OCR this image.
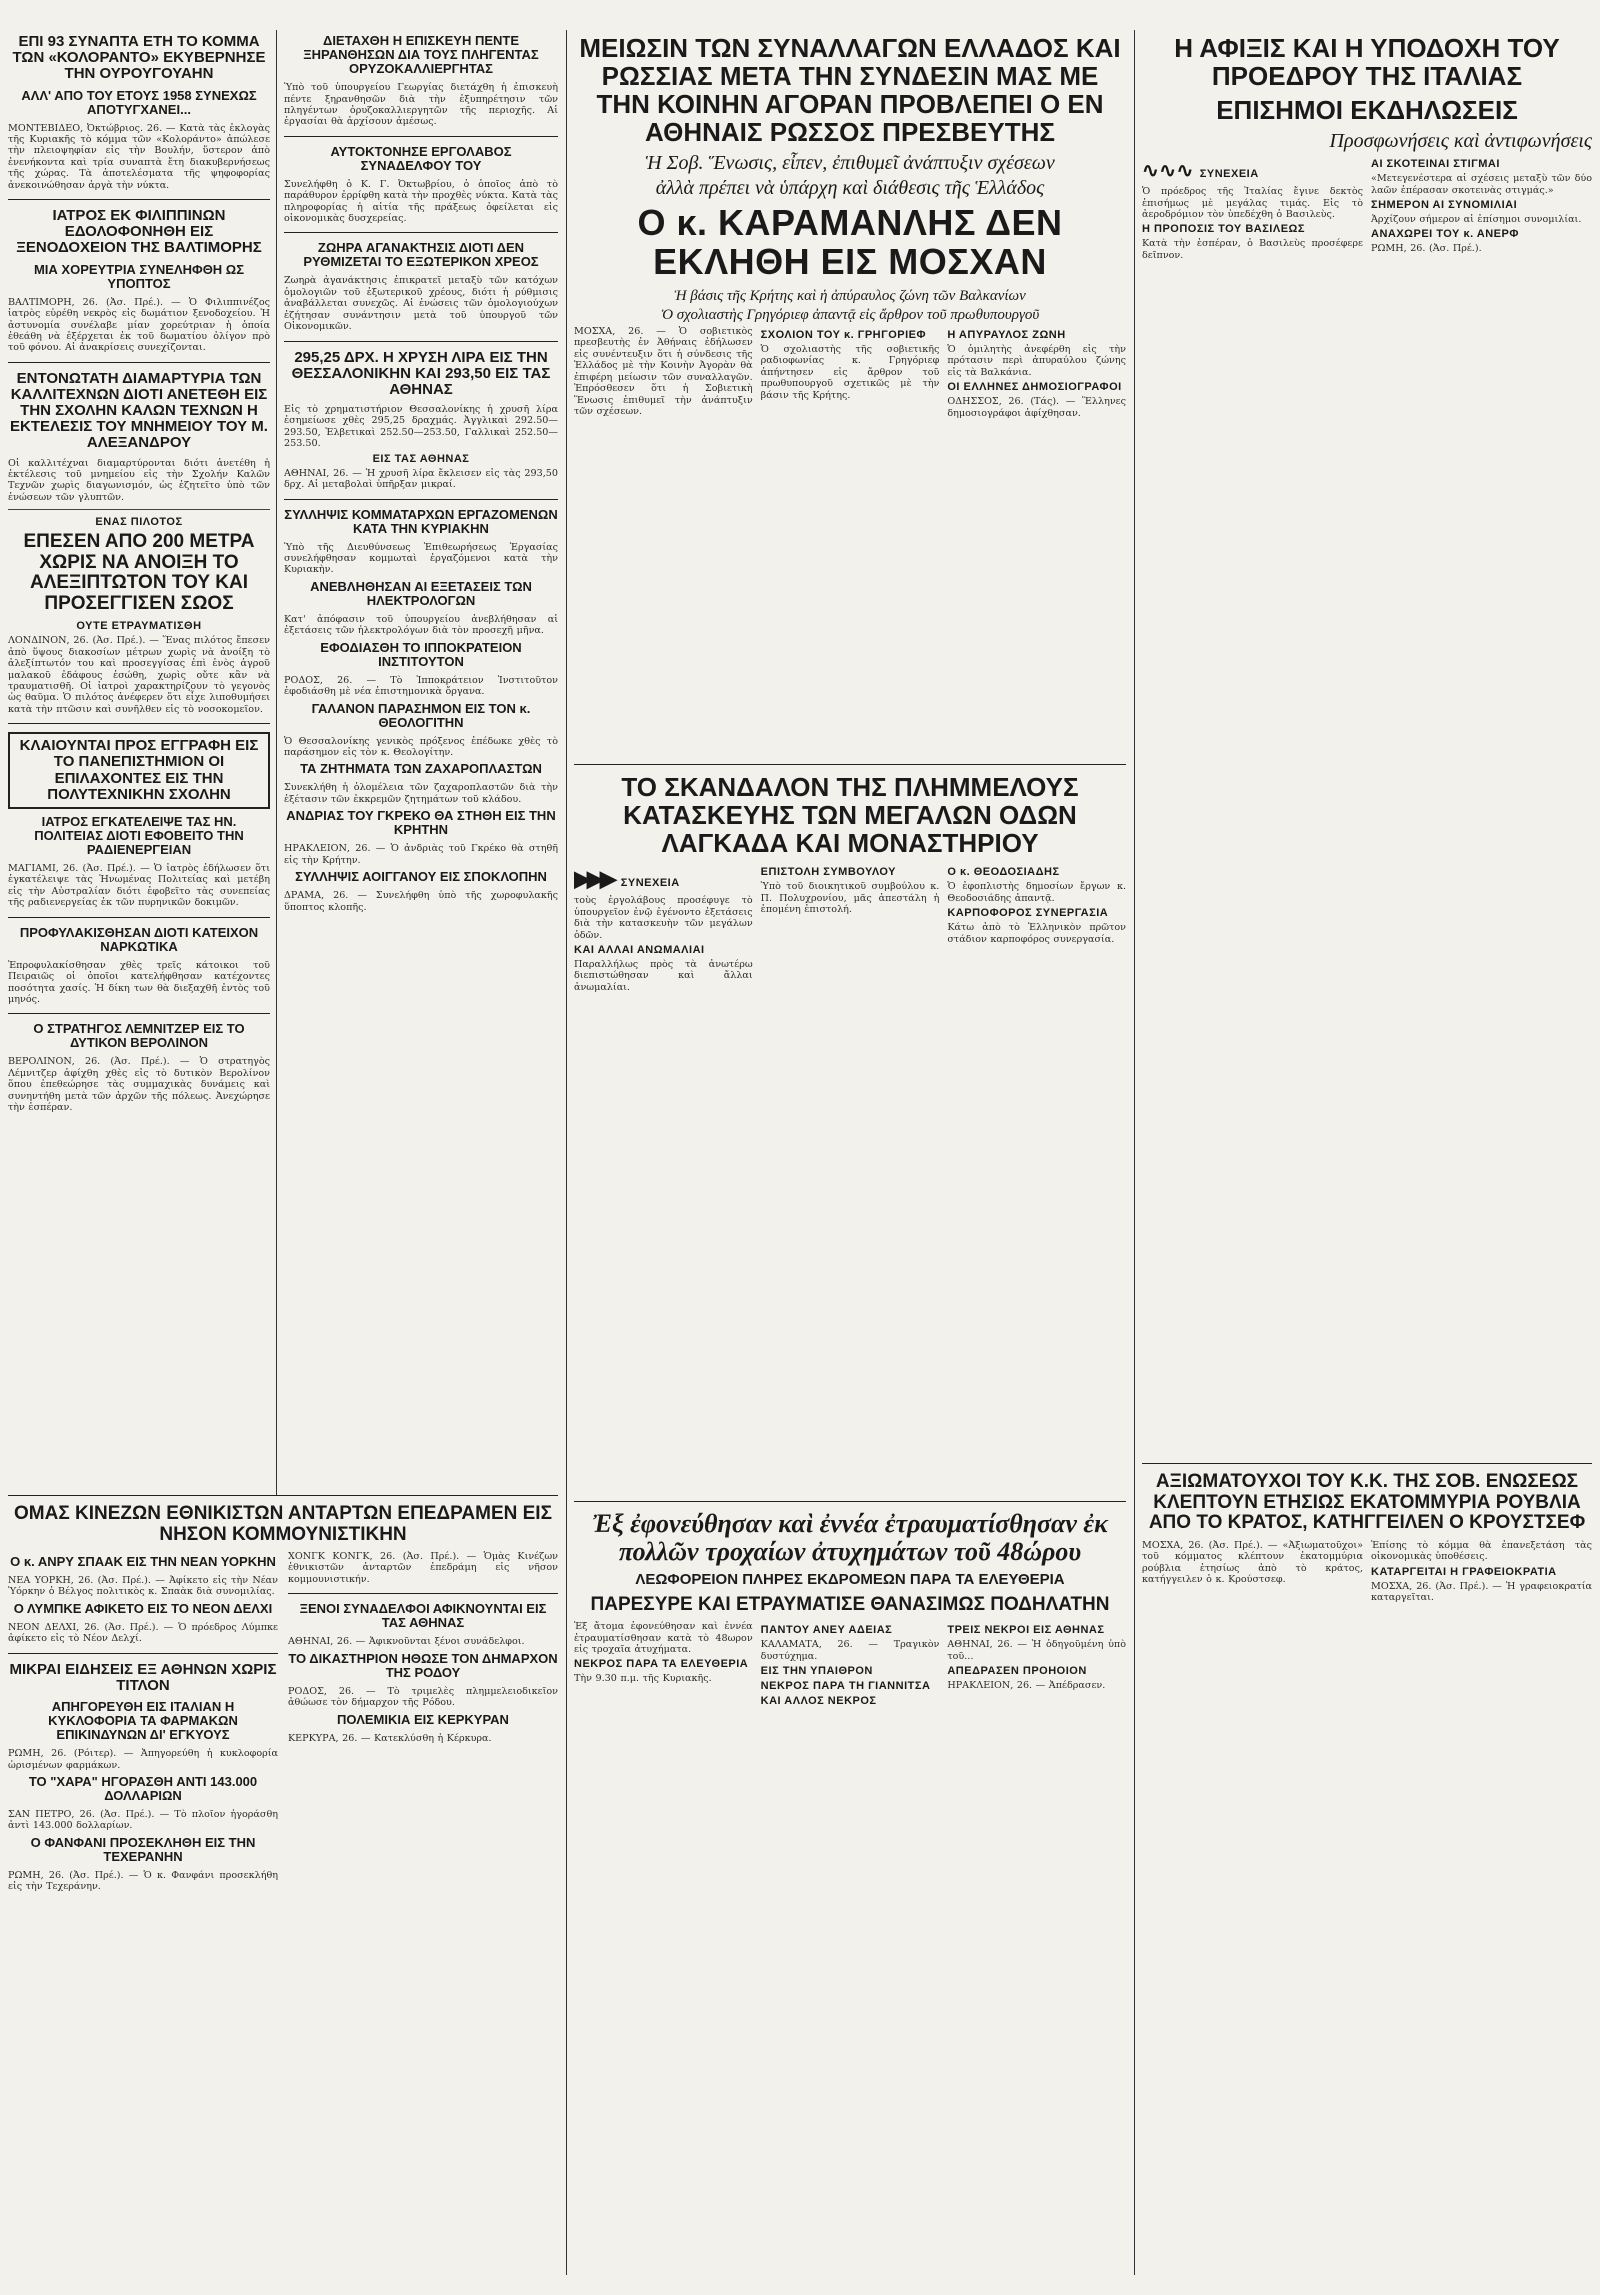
ΕΠΙ 93 ΣΥΝΑΠΤΑ ΕΤΗ ΤΟ ΚΟΜΜΑ ΤΩΝ «ΚΟΛΟΡΑΝΤΟ» ΕΚΥΒΕΡΝΗΣΕ ΤΗΝ ΟΥΡΟΥΓΟΥΑΗΝ
ΑΛΛ' ΑΠΟ ΤΟΥ ΕΤΟΥΣ 1958 ΣΥΝΕΧΩΣ ΑΠΟΤΥΓΧΑΝΕΙ...

ΜΟΝΤΕΒΙΔΕΟ, Ὀκτώβριος. 26. — Κατὰ τὰς ἐκλογὰς τῆς Κυριακῆς τὸ κόμμα τῶν «Κολοράντο» ἀπώλεσε τὴν πλειοψηφίαν εἰς τὴν Βουλήν, ὕστερον ἀπὸ ἐνενήκοντα καὶ τρία συναπτὰ ἔτη διακυβερνήσεως τῆς χώρας. Τὰ ἀποτελέσματα τῆς ψηφοφορίας ἀνεκοινώθησαν ἀργὰ τὴν νύκτα.

ΙΑΤΡΟΣ ΕΚ ΦΙΛΙΠΠΙΝΩΝ ΕΔΟΛΟΦΟΝΗΘΗ ΕΙΣ ΞΕΝΟΔΟΧΕΙΟΝ ΤΗΣ ΒΑΛΤΙΜΟΡΗΣ
ΜΙΑ ΧΟΡΕΥΤΡΙΑ ΣΥΝΕΛΗΦΘΗ ΩΣ ΥΠΟΠΤΟΣ

ΒΑΛΤΙΜΟΡΗ, 26. (Ἀσ. Πρέ.). — Ὁ Φιλιππινέζος ἰατρὸς εὑρέθη νεκρὸς εἰς δωμάτιον ξενοδοχείου. Ἡ ἀστυνομία συνέλαβε μίαν χορεύτριαν ἡ ὁποία ἐθεάθη νὰ ἐξέρχεται ἐκ τοῦ δωματίου ὀλίγον πρὸ τοῦ φόνου. Αἱ ἀνακρίσεις συνεχίζονται.

ΕΝΤΟΝΩΤΑΤΗ ΔΙΑΜΑΡΤΥΡΙΑ ΤΩΝ ΚΑΛΛΙΤΕΧΝΩΝ ΔΙΟΤΙ ΑΝΕΤΕΘΗ ΕΙΣ ΤΗΝ ΣΧΟΛΗΝ ΚΑΛΩΝ ΤΕΧΝΩΝ Η ΕΚΤΕΛΕΣΙΣ ΤΟΥ ΜΝΗΜΕΙΟΥ ΤΟΥ Μ. ΑΛΕΞΑΝΔΡΟΥ

Οἱ καλλιτέχναι διαμαρτύρονται διότι ἀνετέθη ἡ ἐκτέλεσις τοῦ μνημείου εἰς τὴν Σχολήν Καλῶν Τεχνῶν χωρὶς διαγωνισμόν, ὡς ἐζητεῖτο ὑπὸ τῶν ἐνώσεων τῶν γλυπτῶν.

ΕΝΑΣ ΠΙΛΟΤΟΣ
ΕΠΕΣΕΝ ΑΠΟ 200 ΜΕΤΡΑ ΧΩΡΙΣ ΝΑ ΑΝΟΙΞΗ ΤΟ ΑΛΕΞΙΠΤΩΤΟΝ ΤΟΥ ΚΑΙ ΠΡΟΣΕΓΓΙΣΕΝ ΣΩΟΣ
ΟΥΤΕ ΕΤΡΑΥΜΑΤΙΣΘΗ

ΛΟΝΔΙΝΟΝ, 26. (Ἀσ. Πρέ.). — Ἕνας πιλότος ἔπεσεν ἀπὸ ὕψους διακοσίων μέτρων χωρὶς νὰ ἀνοίξη τὸ ἀλεξίπτωτόν του καὶ προσεγγίσας ἐπὶ ἑνὸς ἀγροῦ μαλακοῦ ἐδάφους ἐσώθη, χωρὶς οὔτε κἂν νὰ τραυματισθῆ. Οἱ ἰατροὶ χαρακτηρίζουν τὸ γεγονὸς ὡς θαῦμα. Ὁ πιλότος ἀνέφερεν ὅτι εἶχε λιποθυμήσει κατὰ τὴν πτῶσιν καὶ συνῆλθεν εἰς τὸ νοσοκομεῖον.

ΚΛΑΙΟΥΝΤΑΙ ΠΡΟΣ ΕΓΓΡΑΦΗ ΕΙΣ ΤΟ ΠΑΝΕΠΙΣΤΗΜΙΟΝ ΟΙ ΕΠΙΛΑΧΟΝΤΕΣ ΕΙΣ ΤΗΝ ΠΟΛΥΤΕΧΝΙΚΗΝ ΣΧΟΛΗΝ
ΙΑΤΡΟΣ ΕΓΚΑΤΕΛΕΙΨΕ ΤΑΣ ΗΝ. ΠΟΛΙΤΕΙΑΣ ΔΙΟΤΙ ΕΦΟΒΕΙΤΟ ΤΗΝ ΡΑΔΙΕΝΕΡΓΕΙΑΝ

ΜΑΓΙΑΜΙ, 26. (Ἀσ. Πρέ.). — Ὁ ἰατρὸς ἐδήλωσεν ὅτι ἐγκατέλειψε τὰς Ἡνωμένας Πολιτείας καὶ μετέβη εἰς τὴν Αὐστραλίαν διότι ἐφοβεῖτο τὰς συνεπείας τῆς ραδιενεργείας ἐκ τῶν πυρηνικῶν δοκιμῶν.

ΠΡΟΦΥΛΑΚΙΣΘΗΣΑΝ ΔΙΟΤΙ ΚΑΤΕΙΧΟΝ ΝΑΡΚΩΤΙΚΑ

Ἐπροφυλακίσθησαν χθὲς τρεῖς κάτοικοι τοῦ Πειραιῶς οἱ ὁποῖοι κατελήφθησαν κατέχοντες ποσότητα χασίς. Ἡ δίκη των θὰ διεξαχθῆ ἐντὸς τοῦ μηνός.

Ο ΣΤΡΑΤΗΓΟΣ ΛΕΜΝΙΤΖΕΡ ΕΙΣ ΤΟ ΔΥΤΙΚΟΝ ΒΕΡΟΛΙΝΟΝ

ΒΕΡΟΛΙΝΟΝ, 26. (Ἀσ. Πρέ.). — Ὁ στρατηγὸς Λέμνιτζερ ἀφίχθη χθὲς εἰς τὸ δυτικὸν Βερολίνον ὅπου ἐπεθεώρησε τὰς συμμαχικὰς δυνάμεις καὶ συνηντήθη μετὰ τῶν ἀρχῶν τῆς πόλεως. Ἀνεχώρησε τὴν ἑσπέραν.

ΔΙΕΤΑΧΘΗ Η ΕΠΙΣΚΕΥΗ ΠΕΝΤΕ ΞΗΡΑΝΘΗΣΩΝ ΔΙΑ ΤΟΥΣ ΠΛΗΓΕΝΤΑΣ ΟΡΥΖΟΚΑΛΛΙΕΡΓΗΤΑΣ

Ὑπὸ τοῦ ὑπουργείου Γεωργίας διετάχθη ἡ ἐπισκευὴ πέντε ξηρανθησῶν διὰ τὴν ἐξυπηρέτησιν τῶν πληγέντων ὀρυζοκαλλιεργητῶν τῆς περιοχῆς. Αἱ ἐργασίαι θὰ ἀρχίσουν ἀμέσως.

ΑΥΤΟΚΤΟΝΗΣΕ ΕΡΓΟΛΑΒΟΣ ΣΥΝΑΔΕΛΦΟΥ ΤΟΥ

Συνελήφθη ὁ Κ. Γ. Ὀκτωβρίου, ὁ ὁποῖος ἀπὸ τὸ παράθυρον ἐρρίφθη κατὰ τὴν προχθὲς νύκτα. Κατὰ τὰς πληροφορίας ἡ αἰτία τῆς πράξεως ὀφείλεται εἰς οἰκονομικὰς δυσχερείας.

ΖΩΗΡΑ ΑΓΑΝΑΚΤΗΣΙΣ ΔΙΟΤΙ ΔΕΝ ΡΥΘΜΙΖΕΤΑΙ ΤΟ ΕΞΩΤΕΡΙΚΟΝ ΧΡΕΟΣ

Ζωηρὰ ἀγανάκτησις ἐπικρατεῖ μεταξὺ τῶν κατόχων ὁμολογιῶν τοῦ ἐξωτερικοῦ χρέους, διότι ἡ ρύθμισις ἀναβάλλεται συνεχῶς. Αἱ ἐνώσεις τῶν ὁμολογιούχων ἐζήτησαν συνάντησιν μετὰ τοῦ ὑπουργοῦ τῶν Οἰκονομικῶν.

295,25 ΔΡΧ. Η ΧΡΥΣΗ ΛΙΡΑ ΕΙΣ ΤΗΝ ΘΕΣΣΑΛΟΝΙΚΗΝ ΚΑΙ 293,50 ΕΙΣ ΤΑΣ ΑΘΗΝΑΣ

Εἰς τὸ χρηματιστήριον Θεσσαλονίκης ἡ χρυσῆ λίρα ἐσημείωσε χθὲς 295,25 δραχμάς. Ἀγγλικαὶ 292.50—293.50, Ἑλβετικαὶ 252.50—253.50, Γαλλικαὶ 252.50—253.50.

ΕΙΣ ΤΑΣ ΑΘΗΝΑΣ

ΑΘΗΝΑΙ, 26. — Ἡ χρυσῆ λίρα ἔκλεισεν εἰς τὰς 293,50 δρχ. Αἱ μεταβολαὶ ὑπῆρξαν μικραί.

ΣΥΛΛΗΨΙΣ ΚΟΜΜΑΤΑΡΧΩΝ ΕΡΓΑΖΟΜΕΝΩΝ ΚΑΤΑ ΤΗΝ ΚΥΡΙΑΚΗΝ

Ὑπὸ τῆς Διευθύνσεως Ἐπιθεωρήσεως Ἐργασίας συνελήφθησαν κομμωταὶ ἐργαζόμενοι κατὰ τὴν Κυριακὴν.

ΑΝΕΒΛΗΘΗΣΑΝ ΑΙ ΕΞΕΤΑΣΕΙΣ ΤΩΝ ΗΛΕΚΤΡΟΛΟΓΩΝ

Κατ' ἀπόφασιν τοῦ ὑπουργείου ἀνεβλήθησαν αἱ ἐξετάσεις τῶν ἠλεκτρολόγων διὰ τὸν προσεχῆ μῆνα.

ΕΦΟΔΙΑΣΘΗ ΤΟ ΙΠΠΟΚΡΑΤΕΙΟΝ ΙΝΣΤΙΤΟΥΤΟΝ

ΡΟΔΟΣ, 26. — Τὸ Ἱπποκράτειον Ἰνστιτοῦτον ἐφοδιάσθη μὲ νέα ἐπιστημονικὰ ὄργανα.

ΓΑΛΑΝΟΝ ΠΑΡΑΣΗΜΟΝ ΕΙΣ ΤΟΝ κ. ΘΕΟΛΟΓΙΤΗΝ

Ὁ Θεσσαλονίκης γενικὸς πρόξενος ἐπέδωκε χθὲς τὸ παράσημον εἰς τὸν κ. Θεολογίτην.

ΤΑ ΖΗΤΗΜΑΤΑ ΤΩΝ ΖΑΧΑΡΟΠΛΑΣΤΩΝ

Συνεκλήθη ἡ ὁλομέλεια τῶν ζαχαροπλαστῶν διὰ τὴν ἐξέτασιν τῶν ἐκκρεμῶν ζητημάτων τοῦ κλάδου.

ΑΝΔΡΙΑΣ ΤΟΥ ΓΚΡΕΚΟ ΘΑ ΣΤΗΘΗ ΕΙΣ ΤΗΝ ΚΡΗΤΗΝ

ΗΡΑΚΛΕΙΟΝ, 26. — Ὁ ἀνδριὰς τοῦ Γκρέκο θὰ στηθῆ εἰς τὴν Κρήτην.

ΣΥΛΛΗΨΙΣ ΑΟΙΓΓΑΝΟΥ ΕΙΣ ΣΠΟΚΛΟΠΗΝ

ΔΡΑΜΑ, 26. — Συνελήφθη ὑπὸ τῆς χωροφυλακῆς ὕποπτος κλοπῆς.

ΟΜΑΣ ΚΙΝΕΖΩΝ ΕΘΝΙΚΙΣΤΩΝ ΑΝΤΑΡΤΩΝ ΕΠΕΔΡΑΜΕΝ ΕΙΣ ΝΗΣΟΝ ΚΟΜΜΟΥΝΙΣΤΙΚΗΝ
Ο κ. ΑΝΡΥ ΣΠΑΑΚ ΕΙΣ ΤΗΝ ΝΕΑΝ ΥΟΡΚΗΝ

ΝΕΑ ΥΟΡΚΗ, 26. (Ἀσ. Πρέ.). — Ἀφίκετο εἰς τὴν Νέαν Ὑόρκην ὁ Βέλγος πολιτικὸς κ. Σπαὰκ διὰ συνομιλίας.

Ο ΛΥΜΠΚΕ ΑΦΙΚΕΤΟ ΕΙΣ ΤΟ ΝΕΟΝ ΔΕΛΧΙ

ΝΕΟΝ ΔΕΛΧΙ, 26. (Ἀσ. Πρέ.). — Ὁ πρόεδρος Λύμπκε ἀφίκετο εἰς τὸ Νέον Δελχί.

ΜΙΚΡΑΙ ΕΙΔΗΣΕΙΣ ΕΞ ΑΘΗΝΩΝ ΧΩΡΙΣ ΤΙΤΛΟΝ
ΑΠΗΓΟΡΕΥΘΗ ΕΙΣ ΙΤΑΛΙΑΝ Η ΚΥΚΛΟΦΟΡΙΑ ΤΑ ΦΑΡΜΑΚΩΝ ΕΠΙΚΙΝΔΥΝΩΝ ΔΙ' ΕΓΚΥΟΥΣ

ΡΩΜΗ, 26. (Ρόιτερ). — Ἀπηγορεύθη ἡ κυκλοφορία ὡρισμένων φαρμάκων.

ΤΟ "ΧΑΡΑ" ΗΓΟΡΑΣΘΗ ΑΝΤΙ 143.000 ΔΟΛΛΑΡΙΩΝ

ΣΑΝ ΠΕΤΡΟ, 26. (Ἀσ. Πρέ.). — Τὸ πλοῖον ἠγοράσθη ἀντὶ 143.000 δολλαρίων.

Ο ΦΑΝΦΑΝΙ ΠΡΟΣΕΚΛΗΘΗ ΕΙΣ ΤΗΝ ΤΕΧΕΡΑΝΗΝ

ΡΩΜΗ, 26. (Ἀσ. Πρέ.). — Ὁ κ. Φανφάνι προσεκλήθη εἰς τὴν Τεχεράνην.

ΧΟΝΓΚ ΚΟΝΓΚ, 26. (Ἀσ. Πρέ.). — Ὁμὰς Κινέζων ἐθνικιστῶν ἀνταρτῶν ἐπεδράμη εἰς νῆσον κομμουνιστικήν.

ΞΕΝΟΙ ΣΥΝΑΔΕΛΦΟΙ ΑΦΙΚΝΟΥΝΤΑΙ ΕΙΣ ΤΑΣ ΑΘΗΝΑΣ

ΑΘΗΝΑΙ, 26. — Ἀφικνοῦνται ξένοι συνάδελφοι.

ΤΟ ΔΙΚΑΣΤΗΡΙΟΝ ΗΘΩΣΕ ΤΟΝ ΔΗΜΑΡΧΟΝ ΤΗΣ ΡΟΔΟΥ

ΡΟΔΟΣ, 26. — Τὸ τριμελὲς πλημμελειοδικεῖον ἀθώωσε τὸν δήμαρχον τῆς Ρόδου.

ΠΟΛΕΜΙΚΙΑ ΕΙΣ ΚΕΡΚΥΡΑΝ

ΚΕΡΚΥΡΑ, 26. — Κατεκλύσθη ἡ Κέρκυρα.

ΜΕΙΩΣΙΝ ΤΩΝ ΣΥΝΑΛΛΑΓΩΝ ΕΛΛΑΔΟΣ ΚΑΙ ΡΩΣΣΙΑΣ ΜΕΤΑ ΤΗΝ ΣΥΝΔΕΣΙΝ ΜΑΣ ΜΕ ΤΗΝ ΚΟΙΝΗΝ ΑΓΟΡΑΝ ΠΡΟΒΛΕΠΕΙ Ο ΕΝ ΑΘΗΝΑΙΣ ΡΩΣΣΟΣ ΠΡΕΣΒΕΥΤΗΣ
Ἡ Σοβ. Ἕνωσις, εἶπεν, ἐπιθυμεῖ ἀνάπτυξιν σχέσεων
ἀλλὰ πρέπει νὰ ὑπάρχη καὶ διάθεσις τῆς Ἑλλάδος
Ο κ. ΚΑΡΑΜΑΝΛΗΣ ΔΕΝ ΕΚΛΗΘΗ ΕΙΣ ΜΟΣΧΑΝ
Ἡ βάσις τῆς Κρήτης καὶ ἡ ἀπύραυλος ζώνη τῶν Βαλκανίων
Ὁ σχολιαστὴς Γρηγόριεφ ἀπαντᾷ εἰς ἄρθρον τοῦ πρωθυπουργοῦ

ΜΟΣΧΑ, 26. — Ὁ σοβιετικὸς πρεσβευτὴς ἐν Ἀθήναις ἐδήλωσεν εἰς συνέντευξιν ὅτι ἡ σύνδεσις τῆς Ἑλλάδος μὲ τὴν Κοινὴν Ἀγορὰν θὰ ἐπιφέρη μείωσιν τῶν συναλλαγῶν. Ἐπρόσθεσεν ὅτι ἡ Σοβιετικὴ Ἕνωσις ἐπιθυμεῖ τὴν ἀνάπτυξιν τῶν σχέσεων.

ΣΧΟΛΙΟΝ ΤΟΥ κ. ΓΡΗΓΟΡΙΕΦ

Ὁ σχολιαστὴς τῆς σοβιετικῆς ραδιοφωνίας κ. Γρηγόριεφ ἀπήντησεν εἰς ἄρθρον τοῦ πρωθυπουργοῦ σχετικῶς μὲ τὴν βάσιν τῆς Κρήτης.

Η ΑΠΥΡΑΥΛΟΣ ΖΩΝΗ

Ὁ ὁμιλητὴς ἀνεφέρθη εἰς τὴν πρότασιν περὶ ἀπυραύλου ζώνης εἰς τὰ Βαλκάνια.

ΟΙ ΕΛΛΗΝΕΣ ΔΗΜΟΣΙΟΓΡΑΦΟΙ

ΟΔΗΣΣΟΣ, 26. (Τάς). — Ἕλληνες δημοσιογράφοι ἀφίχθησαν.

ΤΟ ΣΚΑΝΔΑΛΟΝ ΤΗΣ ΠΛΗΜΜΕΛΟΥΣ ΚΑΤΑΣΚΕΥΗΣ ΤΩΝ ΜΕΓΑΛΩΝ ΟΔΩΝ ΛΑΓΚΑΔΑ ΚΑΙ ΜΟΝΑΣΤΗΡΙΟΥ
▶▶▶ ΣΥΝΕΧΕΙΑ

τοὺς ἐργολάβους προσέφυγε τὸ ὑπουργεῖον ἐνῷ ἐγένοντο ἐξετάσεις διὰ τὴν κατασκευὴν τῶν μεγάλων ὁδῶν.

ΚΑΙ ΑΛΛΑΙ ΑΝΩΜΑΛΙΑΙ

Παραλλήλως πρὸς τὰ ἀνωτέρω διεπιστώθησαν καὶ ἄλλαι ἀνωμαλίαι.

ΕΠΙΣΤΟΛΗ ΣΥΜΒΟΥΛΟΥ

Ὑπὸ τοῦ διοικητικοῦ συμβούλου κ. Π. Πολυχρονίου, μᾶς ἀπεστάλη ἡ ἑπομένη ἐπιστολή.

Ο κ. ΘΕΟΔΟΣΙΑΔΗΣ

Ὁ ἐφοπλιστὴς δημοσίων ἔργων κ. Θεοδοσιάδης ἀπαντᾷ.

ΚΑΡΠΟΦΟΡΟΣ ΣΥΝΕΡΓΑΣΙΑ

Κάτω ἀπὸ τὸ Ἑλληνικὸν πρῶτον στάδιον καρποφόρος συνεργασία.

Ἐξ ἐφονεύθησαν καὶ ἐννέα ἐτραυματίσθησαν ἐκ πολλῶν τροχαίων ἀτυχημάτων τοῦ 48ώρου
ΛΕΩΦΟΡΕΙΟΝ ΠΛΗΡΕΣ ΕΚΔΡΟΜΕΩΝ ΠΑΡΑ ΤΑ ΕΛΕΥΘΕΡΙΑ
ΠΑΡΕΣΥΡΕ ΚΑΙ ΕΤΡΑΥΜΑΤΙΣΕ ΘΑΝΑΣΙΜΩΣ ΠΟΔΗΛΑΤΗΝ

Ἐξ ἄτομα ἐφονεύθησαν καὶ ἐννέα ἐτραυματίσθησαν κατὰ τὸ 48ωρον εἰς τροχαῖα ἀτυχήματα.

ΝΕΚΡΟΣ ΠΑΡΑ ΤΑ ΕΛΕΥΘΕΡΙΑ

Τὴν 9.30 π.μ. τῆς Κυριακῆς.

ΠΑΝΤΟΥ ΑΝΕΥ ΑΔΕΙΑΣ

ΚΑΛΑΜΑΤΑ, 26. — Τραγικὸν δυστύχημα.

ΕΙΣ ΤΗΝ ΥΠΑΙΘΡΟΝ
ΝΕΚΡΟΣ ΠΑΡΑ ΤΗ ΓΙΑΝΝΙΤΣΑ
ΚΑΙ ΑΛΛΟΣ ΝΕΚΡΟΣ
ΤΡΕΙΣ ΝΕΚΡΟΙ ΕΙΣ ΑΘΗΝΑΣ

ΑΘΗΝΑΙ, 26. — Ἡ ὁδηγοῦμένη ὑπὸ τοῦ...

ΑΠΕΔΡΑΣΕΝ ΠΡΟΗΟΙΟΝ

ΗΡΑΚΛΕΙΟΝ, 26. — Ἀπέδρασεν.

Η ΑΦΙΞΙΣ ΚΑΙ Η ΥΠΟΔΟΧΗ ΤΟΥ ΠΡΟΕΔΡΟΥ ΤΗΣ ΙΤΑΛΙΑΣ
ΕΠΙΣΗΜΟΙ ΕΚΔΗΛΩΣΕΙΣ
Προσφωνήσεις καὶ ἀντιφωνήσεις
∿∿∿ ΣΥΝΕΧΕΙΑ

Ὁ πρόεδρος τῆς Ἰταλίας ἔγινε δεκτὸς ἐπισήμως μὲ μεγάλας τιμάς. Εἰς τὸ ἀεροδρόμιον τὸν ὑπεδέχθη ὁ Βασιλεὺς.

Η ΠΡΟΠΟΣΙΣ ΤΟΥ ΒΑΣΙΛΕΩΣ

Κατὰ τὴν ἑσπέραν, ὁ Βασιλεὺς προσέφερε δεῖπνον.

ΑΙ ΣΚΟΤΕΙΝΑΙ ΣΤΙΓΜΑΙ

«Μετεγενέστερα αἱ σχέσεις μεταξὺ τῶν δύο λαῶν ἐπέρασαν σκοτεινὰς στιγμάς.»

ΣΗΜΕΡΟΝ ΑΙ ΣΥΝΟΜΙΛΙΑΙ

Ἀρχίζουν σήμερον αἱ ἐπίσημοι συνομιλίαι.

ΑΝΑΧΩΡΕΙ ΤΟΥ κ. ΑΝΕΡΦ

ΡΩΜΗ, 26. (Ἀσ. Πρέ.).

ΑΞΙΩΜΑΤΟΥΧΟΙ ΤΟΥ Κ.Κ. ΤΗΣ ΣΟΒ. ΕΝΩΣΕΩΣ ΚΛΕΠΤΟΥΝ ΕΤΗΣΙΩΣ ΕΚΑΤΟΜΜΥΡΙΑ ΡΟΥΒΛΙΑ ΑΠΟ ΤΟ ΚΡΑΤΟΣ, ΚΑΤΗΓΓΕΙΛΕΝ Ο ΚΡΟΥΣΤΣΕΦ

ΜΟΣΧΑ, 26. (Ἀσ. Πρέ.). — «Ἀξιωματοῦχοι» τοῦ κόμματος κλέπτουν ἑκατομμύρια ρούβλια ἐτησίως ἀπὸ τὸ κράτος, κατήγγειλεν ὁ κ. Κρούστσεφ.

Ἐπίσης τὸ κόμμα θὰ ἐπανεξετάση τὰς οἰκονομικὰς ὑποθέσεις.

ΚΑΤΑΡΓΕΙΤΑΙ Η ΓΡΑΦΕΙΟΚΡΑΤΙΑ

ΜΟΣΧΑ, 26. (Ἀσ. Πρέ.). — Ἡ γραφειοκρατία καταργεῖται.
